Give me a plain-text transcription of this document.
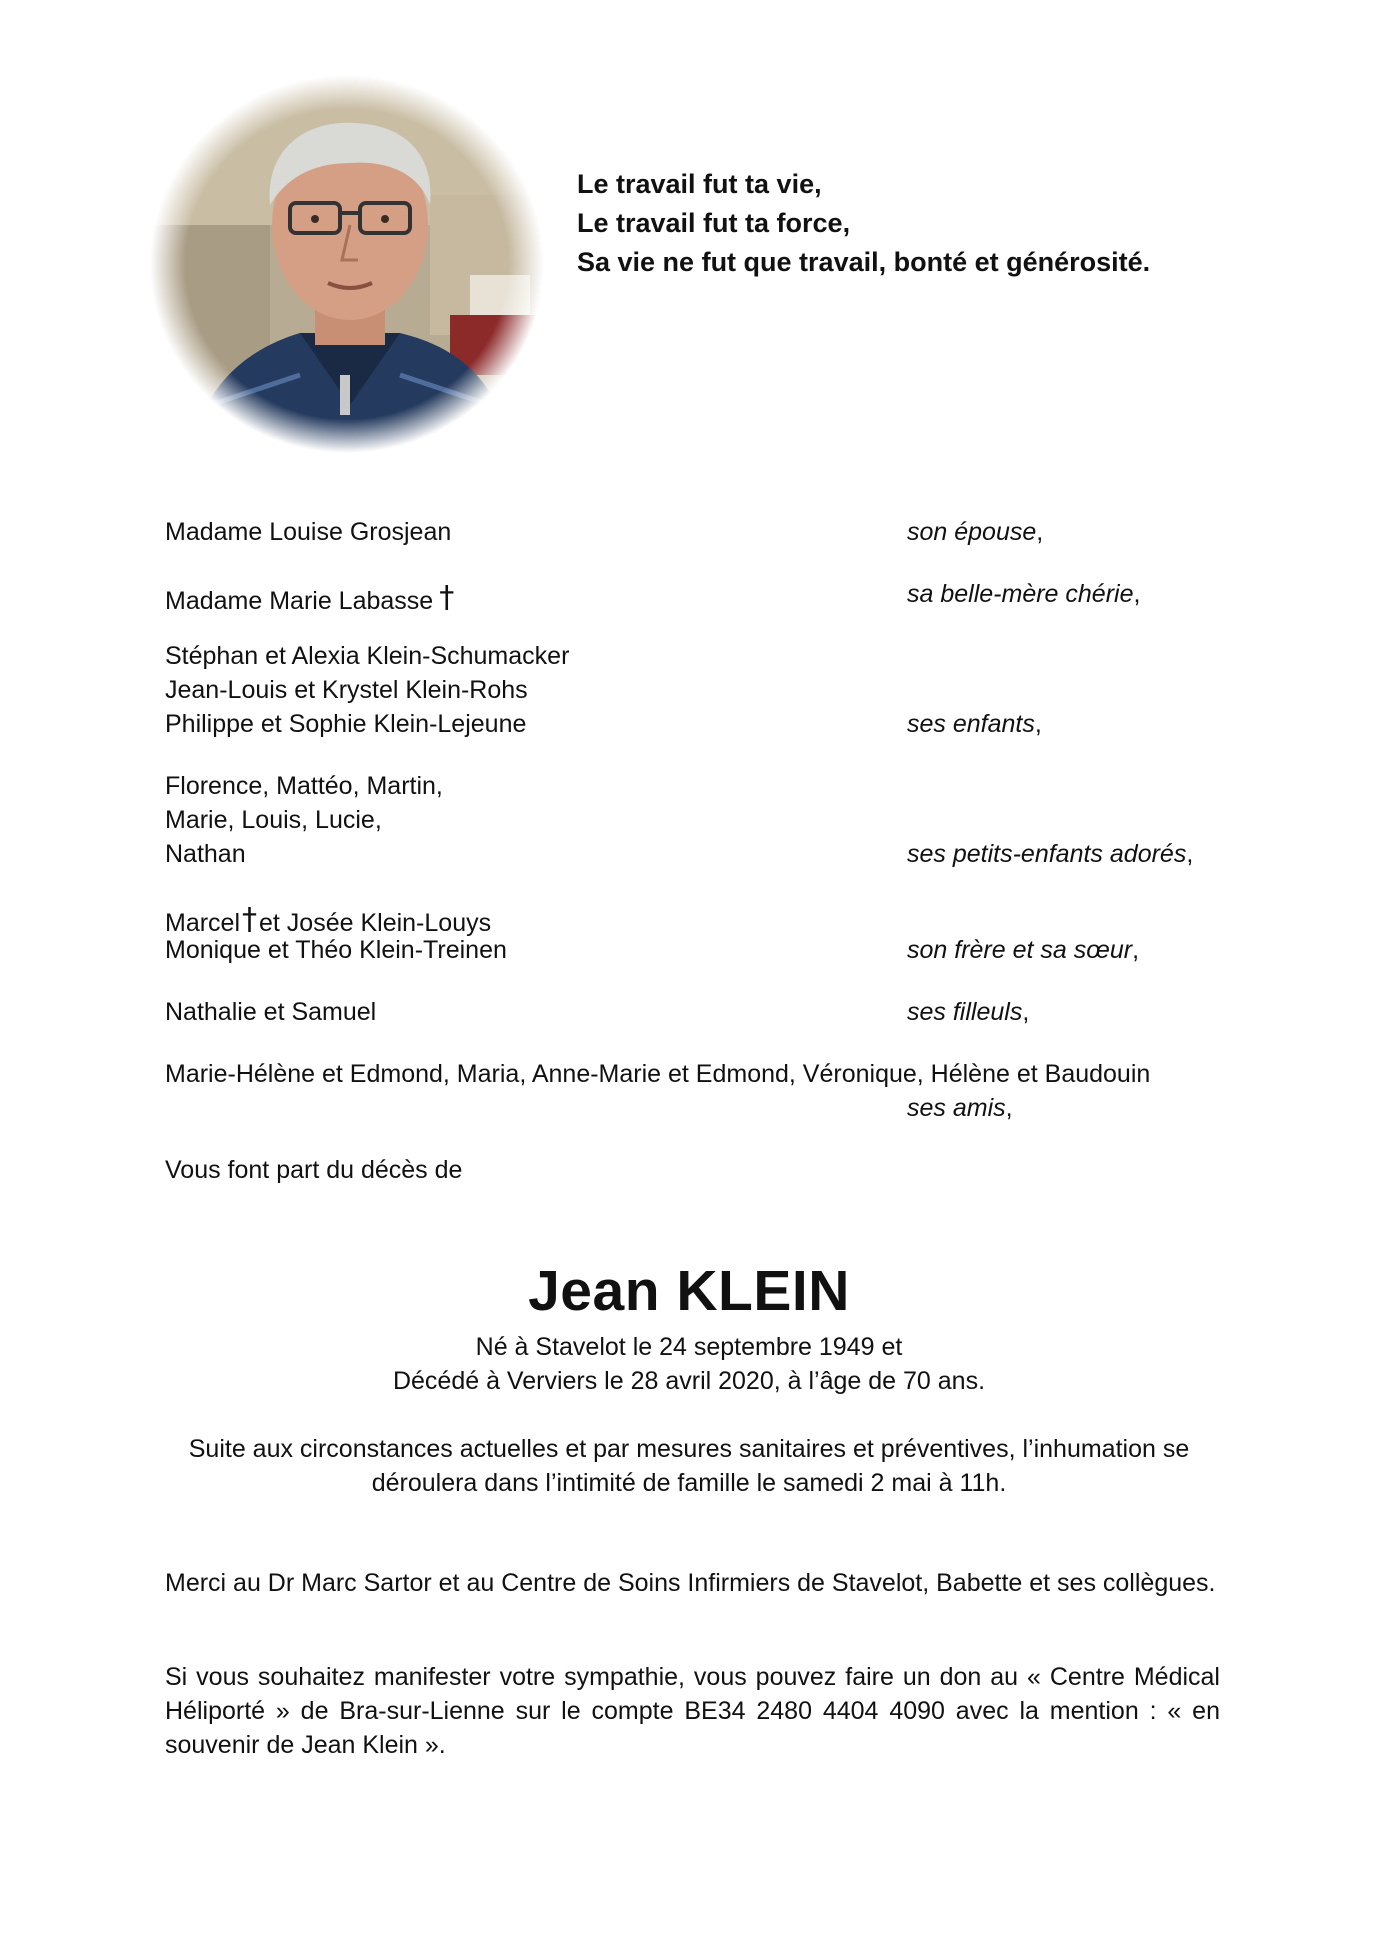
Le travail fut ta vie,
Le travail fut ta force,
Sa vie ne fut que travail, bonté et générosité.
Madame Louise Grosjean	son épouse,
Madame Marie Labasse †	sa belle-mère chérie,
Stéphan et Alexia Klein-Schumacker
Jean-Louis et Krystel Klein-Rohs
Philippe et Sophie Klein-Lejeune	ses enfants,
Florence, Mattéo, Martin,
Marie, Louis, Lucie,
Nathan	ses petits-enfants adorés,
Marcel†et Josée Klein-Louys
Monique et Théo Klein-Treinen	son frère et sa sœur,
Nathalie et Samuel	ses filleuls,
Marie-Hélène et Edmond, Maria, Anne-Marie et Edmond, Véronique, Hélène et Baudouin
ses amis,
Vous font part du décès de
Jean KLEIN
Né à Stavelot le 24 septembre 1949 et
Décédé à Verviers le 28 avril 2020, à l’âge de 70 ans.
Suite aux circonstances actuelles et par mesures sanitaires et préventives, l’inhumation se
déroulera dans l’intimité de famille le samedi 2 mai à 11h.
Merci au Dr Marc Sartor et au Centre de Soins Infirmiers de Stavelot, Babette et ses collègues.
Si vous souhaitez manifester votre sympathie, vous pouvez faire un don au « Centre Médical Héliporté » de Bra-sur-Lienne sur le compte BE34 2480 4404 4090 avec la mention : « en souvenir de Jean Klein ».
